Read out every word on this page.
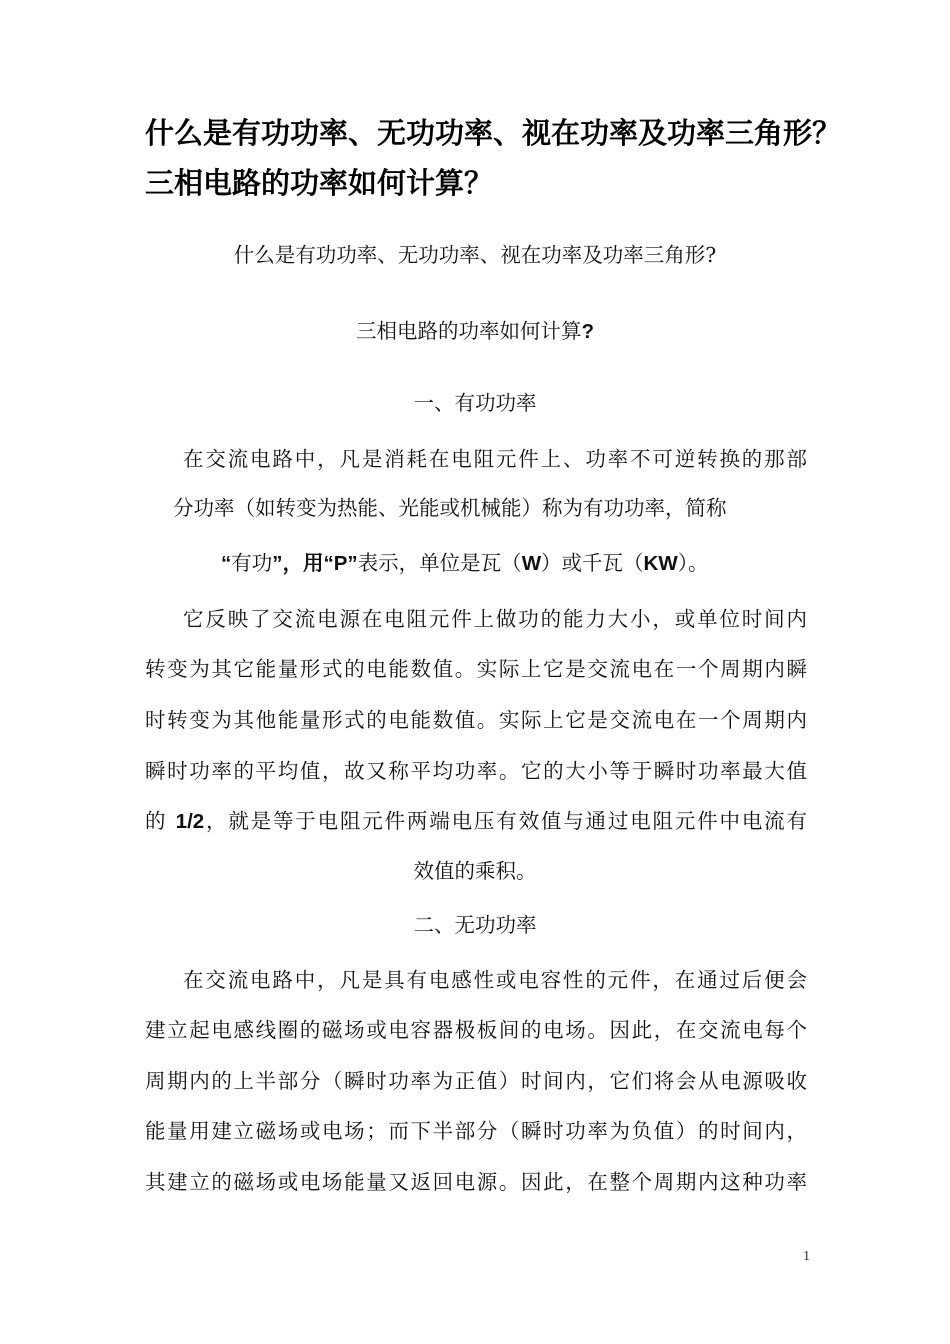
什么是有功功率、无功功率、视在功率及功率三角形？
三相电路的功率如何计算？

什么是有功功率、无功功率、视在功率及功率三角形?

三相电路的功率如何计算?

一、有功功率

在交流电路中，凡是消耗在电阻元件上、功率不可逆转换的那部

分功率（如转变为热能、光能或机械能）称为有功功率，简称

“有功”，用“P”表示，单位是瓦（W）或千瓦（KW）。

它反映了交流电源在电阻元件上做功的能力大小，或单位时间内

转变为其它能量形式的电能数值。实际上它是交流电在一个周期内瞬

时转变为其他能量形式的电能数值。实际上它是交流电在一个周期内

瞬时功率的平均值，故又称平均功率。它的大小等于瞬时功率最大值

的 1/2，就是等于电阻元件两端电压有效值与通过电阻元件中电流有

效值的乘积。

二、无功功率

在交流电路中，凡是具有电感性或电容性的元件，在通过后便会

建立起电感线圈的磁场或电容器极板间的电场。因此，在交流电每个

周期内的上半部分（瞬时功率为正值）时间内，它们将会从电源吸收

能量用建立磁场或电场；而下半部分（瞬时功率为负值）的时间内，

其建立的磁场或电场能量又返回电源。因此，在整个周期内这种功率

1
